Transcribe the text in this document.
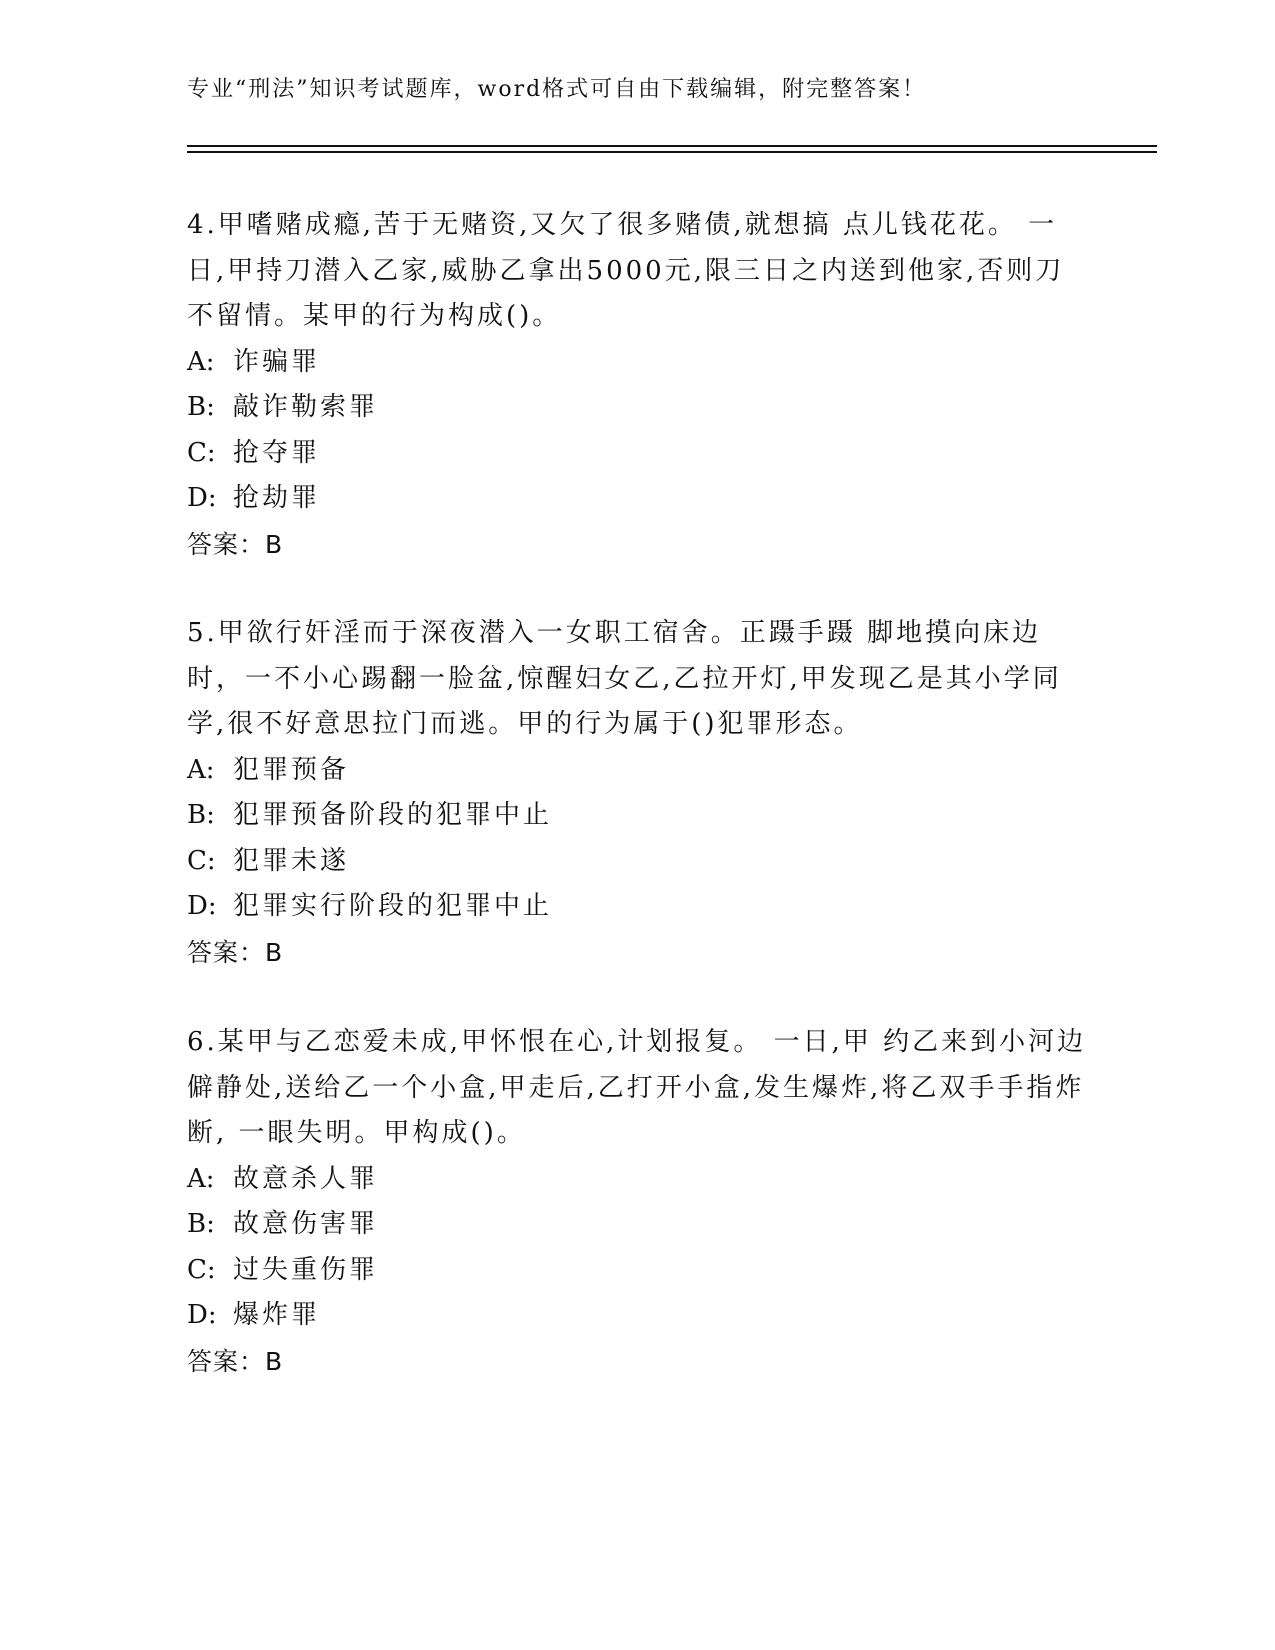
专业“刑法”知识考试题库，word格式可自由下载编辑，附完整答案！

4.甲嗜赌成瘾,苦于无赌资,又欠了很多赌债,就想搞 点儿钱花花。 一日,甲持刀潜入乙家,威胁乙拿出5000元,限三日之内送到他家,否则刀不留情。某甲的行为构成()。

A: 诈骗罪

B: 敲诈勒索罪

C: 抢夺罪

D: 抢劫罪

答案：B

5.甲欲行奸淫而于深夜潜入一女职工宿舍。正蹑手蹑 脚地摸向床边时，一不小心踢翻一脸盆,惊醒妇女乙,乙拉开灯,甲发现乙是其小学同学,很不好意思拉门而逃。甲的行为属于()犯罪形态。

A: 犯罪预备

B: 犯罪预备阶段的犯罪中止

C: 犯罪未遂

D: 犯罪实行阶段的犯罪中止

答案：B

6.某甲与乙恋爱未成,甲怀恨在心,计划报复。 一日,甲 约乙来到小河边僻静处,送给乙一个小盒,甲走后,乙打开小盒,发生爆炸,将乙双手手指炸断, 一眼失明。甲构成()。

A: 故意杀人罪

B: 故意伤害罪

C: 过失重伤罪

D: 爆炸罪

答案：B
